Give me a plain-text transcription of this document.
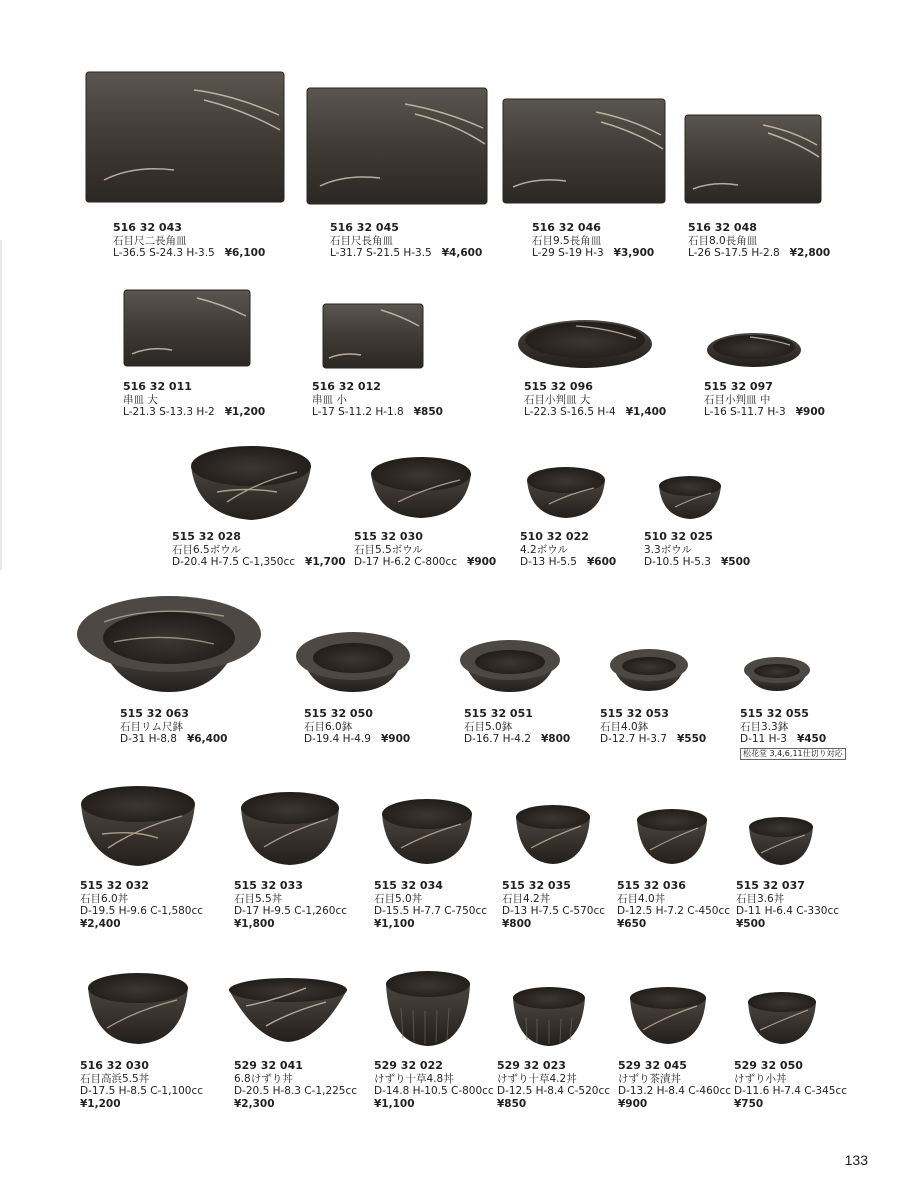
516 32 043
石目尺二長角皿
L-36.5 S-24.3 H-3.5 ¥6,100
516 32 045
石目尺長角皿
L-31.7 S-21.5 H-3.5 ¥4,600
516 32 046
石目9.5長角皿
L-29 S-19 H-3 ¥3,900
516 32 048
石目8.0長角皿
L-26 S-17.5 H-2.8 ¥2,800
516 32 011
串皿 大
L-21.3 S-13.3 H-2 ¥1,200
516 32 012
串皿 小
L-17 S-11.2 H-1.8 ¥850
515 32 096
石目小判皿 大
L-22.3 S-16.5 H-4 ¥1,400
515 32 097
石目小判皿 中
L-16 S-11.7 H-3 ¥900
515 32 028
石目6.5ボウル
D-20.4 H-7.5 C-1,350cc ¥1,700
515 32 030
石目5.5ボウル
D-17 H-6.2 C-800cc ¥900
510 32 022
4.2ボウル
D-13 H-5.5 ¥600
510 32 025
3.3ボウル
D-10.5 H-5.3 ¥500
515 32 063
石目リム尺鉢
D-31 H-8.8 ¥6,400
515 32 050
石目6.0鉢
D-19.4 H-4.9 ¥900
515 32 051
石目5.0鉢
D-16.7 H-4.2 ¥800
515 32 053
石目4.0鉢
D-12.7 H-3.7 ¥550
515 32 055
石目3.3鉢
D-11 H-3 ¥450
松花堂 3,4,6,11仕切り対応
515 32 032
石目6.0丼
D-19.5 H-9.6 C-1,580cc
¥2,400
515 32 033
石目5.5丼
D-17 H-9.5 C-1,260cc
¥1,800
515 32 034
石目5.0丼
D-15.5 H-7.7 C-750cc
¥1,100
515 32 035
石目4.2丼
D-13 H-7.5 C-570cc
¥800
515 32 036
石目4.0丼
D-12.5 H-7.2 C-450cc
¥650
515 32 037
石目3.6丼
D-11 H-6.4 C-330cc
¥500
516 32 030
石目高浜5.5丼
D-17.5 H-8.5 C-1,100cc
¥1,200
529 32 041
6.8けずり丼
D-20.5 H-8.3 C-1,225cc
¥2,300
529 32 022
けずり十草4.8丼
D-14.8 H-10.5 C-800cc
¥1,100
529 32 023
けずり十草4.2丼
D-12.5 H-8.4 C-520cc
¥850
529 32 045
けずり茶漬丼
D-13.2 H-8.4 C-460cc
¥900
529 32 050
けずり小丼
D-11.6 H-7.4 C-345cc
¥750
133
